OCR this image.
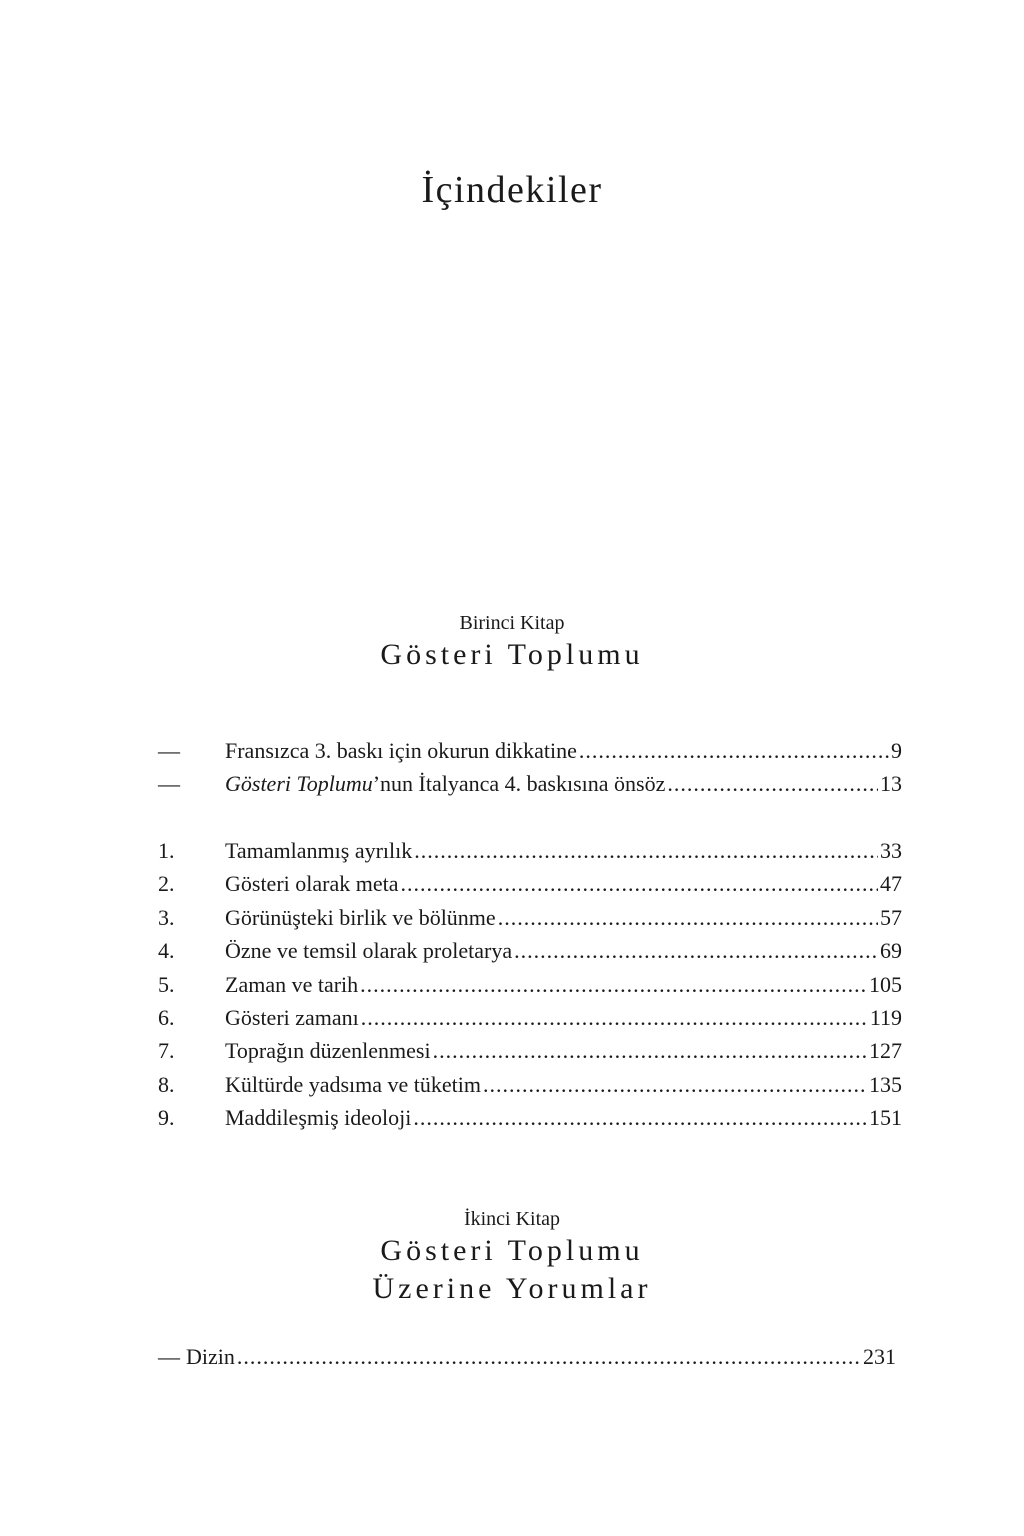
İçindekiler
Birinci Kitap
Gösteri Toplumu
—	Fransızca 3. baskı için okurun dikkatine .....	9
—	Gösteri Toplumu’nun İtalyanca 4. baskısına önsöz .....	13
1.	Tamamlanmış ayrılık .....	33
2.	Gösteri olarak meta .....	47
3.	Görünüşteki birlik ve bölünme .....	57
4.	Özne ve temsil olarak proletarya .....	69
5.	Zaman ve tarih .....	105
6.	Gösteri zamanı .....	119
7.	Toprağın düzenlenmesi .....	127
8.	Kültürde yadsıma ve tüketim .....	135
9.	Maddileşmiş ideoloji .....	151
İkinci Kitap
Gösteri Toplumu
Üzerine Yorumlar
— Dizin .....	231
